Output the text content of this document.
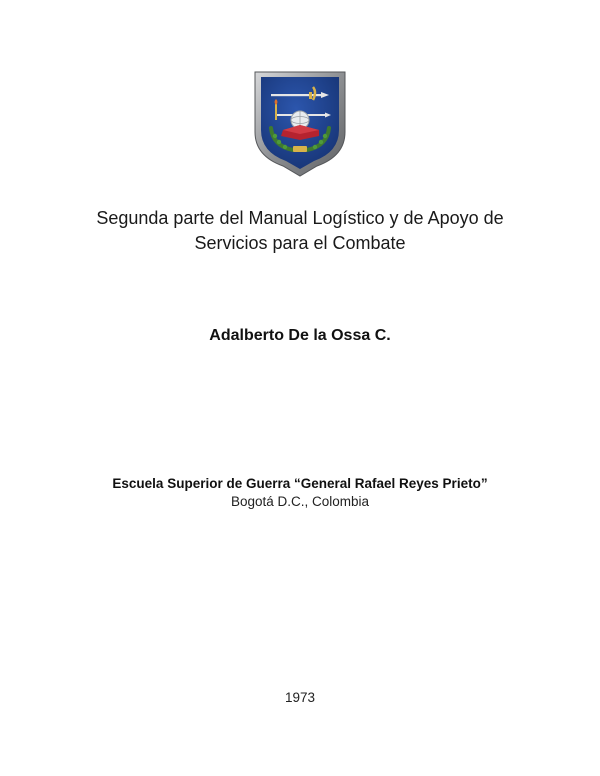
Segunda parte del Manual Logístico y de Apoyo de
Servicios para el Combate
Adalberto De la Ossa C.
Escuela Superior de Guerra “General Rafael Reyes Prieto”
Bogotá D.C., Colombia
1973
